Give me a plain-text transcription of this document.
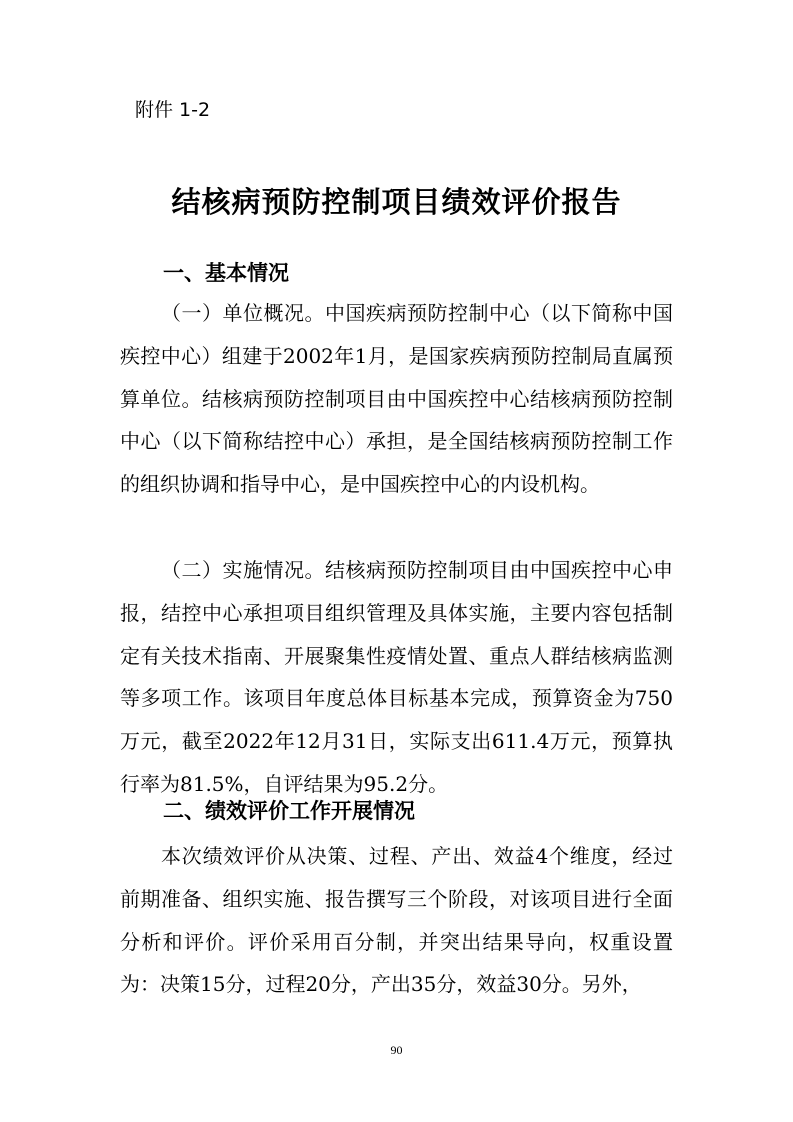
附件 1-2
结核病预防控制项目绩效评价报告
一、基本情况

（一）单位概况。中国疾病预防控制中心（以下简称中国疾控中心）组建于2002年1月，是国家疾病预防控制局直属预算单位。结核病预防控制项目由中国疾控中心结核病预防控制中心（以下简称结控中心）承担，是全国结核病预防控制工作的组织协调和指导中心，是中国疾控中心的内设机构。

（二）实施情况。结核病预防控制项目由中国疾控中心申报，结控中心承担项目组织管理及具体实施，主要内容包括制定有关技术指南、开展聚集性疫情处置、重点人群结核病监测等多项工作。该项目年度总体目标基本完成，预算资金为750万元，截至2022年12月31日，实际支出611.4万元，预算执行率为81.5%，自评结果为95.2分。

二、绩效评价工作开展情况

本次绩效评价从决策、过程、产出、效益4个维度，经过前期准备、组织实施、报告撰写三个阶段，对该项目进行全面分析和评价。评价采用百分制，并突出结果导向，权重设置为：决策15分，过程20分，产出35分，效益30分。另外，

90
